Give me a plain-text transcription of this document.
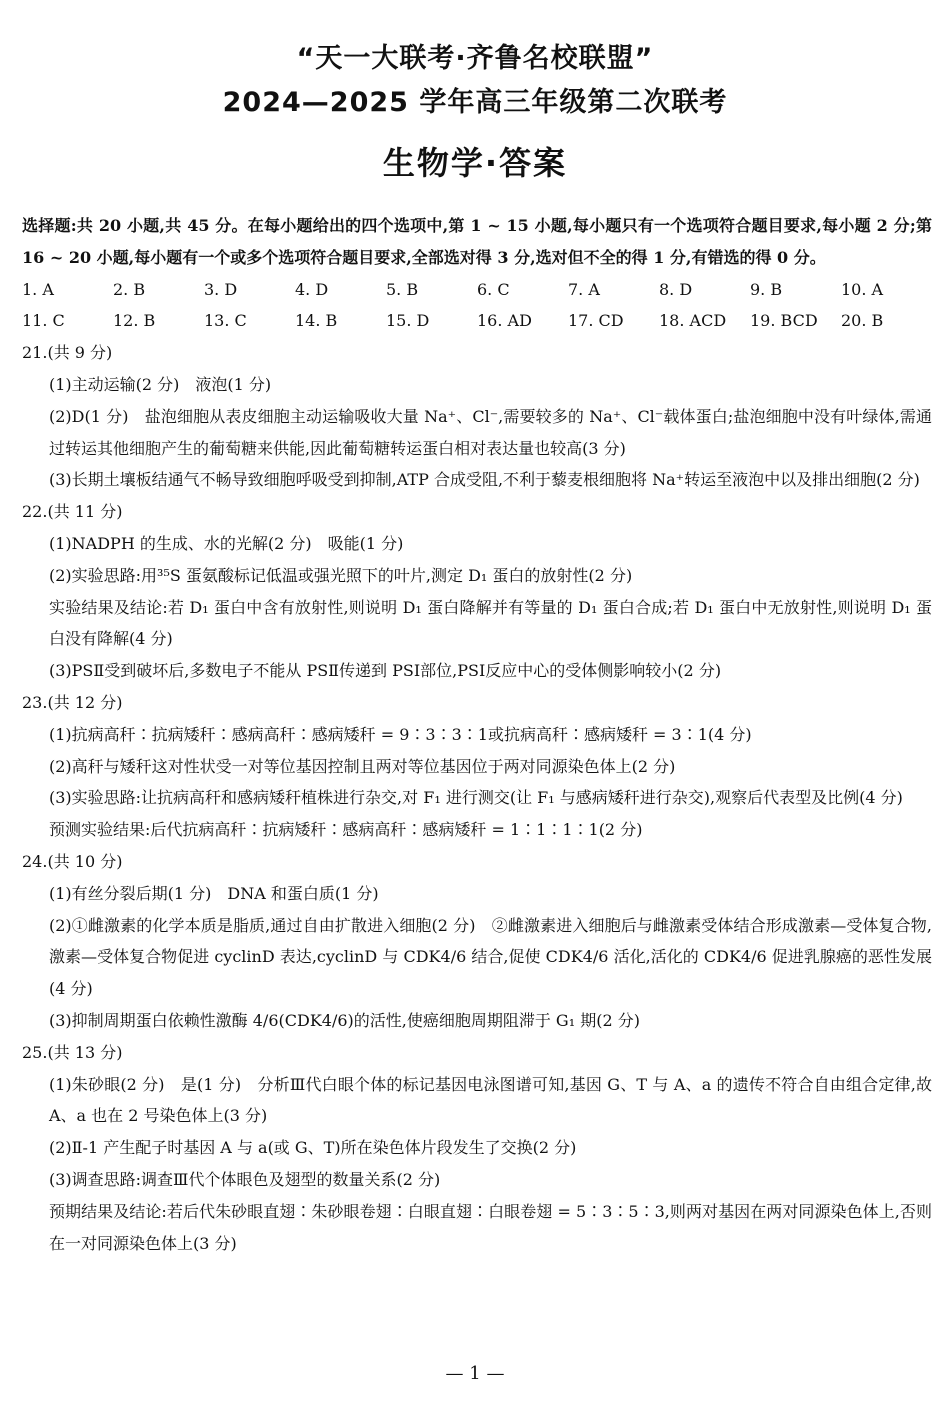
“天一大联考·齐鲁名校联盟”
2024—2025 学年高三年级第二次联考
生物学·答案
选择题:共 20 小题,共 45 分。在每小题给出的四个选项中,第 1 ~ 15 小题,每小题只有一个选项符合题目要求,每小题 2 分;第 16 ~ 20 小题,每小题有一个或多个选项符合题目要求,全部选对得 3 分,选对但不全的得 1 分,有错选的得 0 分。
1. A	2. B	3. D	4. D	5. B	6. C	7. A	8. D	9. B	10. A
11. C	12. B	13. C	14. B	15. D	16. AD	17. CD	18. ACD	19. BCD	20. B
21.(共 9 分)
(1)主动运输(2 分)　液泡(1 分)
(2)D(1 分)　盐泡细胞从表皮细胞主动运输吸收大量 Na⁺、Cl⁻,需要较多的 Na⁺、Cl⁻载体蛋白;盐泡细胞中没有叶绿体,需通过转运其他细胞产生的葡萄糖来供能,因此葡萄糖转运蛋白相对表达量也较高(3 分)
(3)长期土壤板结通气不畅导致细胞呼吸受到抑制,ATP 合成受阻,不利于藜麦根细胞将 Na⁺转运至液泡中以及排出细胞(2 分)
22.(共 11 分)
(1)NADPH 的生成、水的光解(2 分)　吸能(1 分)
(2)实验思路:用³⁵S 蛋氨酸标记低温或强光照下的叶片,测定 D₁ 蛋白的放射性(2 分)
实验结果及结论:若 D₁ 蛋白中含有放射性,则说明 D₁ 蛋白降解并有等量的 D₁ 蛋白合成;若 D₁ 蛋白中无放射性,则说明 D₁ 蛋白没有降解(4 分)
(3)PSⅡ受到破坏后,多数电子不能从 PSⅡ传递到 PSⅠ部位,PSⅠ反应中心的受体侧影响较小(2 分)
23.(共 12 分)
(1)抗病高秆∶抗病矮秆∶感病高秆∶感病矮秆 = 9∶3∶3∶1或抗病高秆∶感病矮秆 = 3∶1(4 分)
(2)高秆与矮秆这对性状受一对等位基因控制且两对等位基因位于两对同源染色体上(2 分)
(3)实验思路:让抗病高秆和感病矮秆植株进行杂交,对 F₁ 进行测交(让 F₁ 与感病矮秆进行杂交),观察后代表型及比例(4 分)
预测实验结果:后代抗病高秆∶抗病矮秆∶感病高秆∶感病矮秆 = 1∶1∶1∶1(2 分)
24.(共 10 分)
(1)有丝分裂后期(1 分)　DNA 和蛋白质(1 分)
(2)①雌激素的化学本质是脂质,通过自由扩散进入细胞(2 分)　②雌激素进入细胞后与雌激素受体结合形成激素—受体复合物,激素—受体复合物促进 cyclinD 表达,cyclinD 与 CDK4/6 结合,促使 CDK4/6 活化,活化的 CDK4/6 促进乳腺癌的恶性发展(4 分)
(3)抑制周期蛋白依赖性激酶 4/6(CDK4/6)的活性,使癌细胞周期阻滞于 G₁ 期(2 分)
25.(共 13 分)
(1)朱砂眼(2 分)　是(1 分)　分析Ⅲ代白眼个体的标记基因电泳图谱可知,基因 G、T 与 A、a 的遗传不符合自由组合定律,故 A、a 也在 2 号染色体上(3 分)
(2)Ⅱ-1 产生配子时基因 A 与 a(或 G、T)所在染色体片段发生了交换(2 分)
(3)调查思路:调查Ⅲ代个体眼色及翅型的数量关系(2 分)
预期结果及结论:若后代朱砂眼直翅∶朱砂眼卷翅∶白眼直翅∶白眼卷翅 = 5∶3∶5∶3,则两对基因在两对同源染色体上,否则在一对同源染色体上(3 分)
— 1 —
